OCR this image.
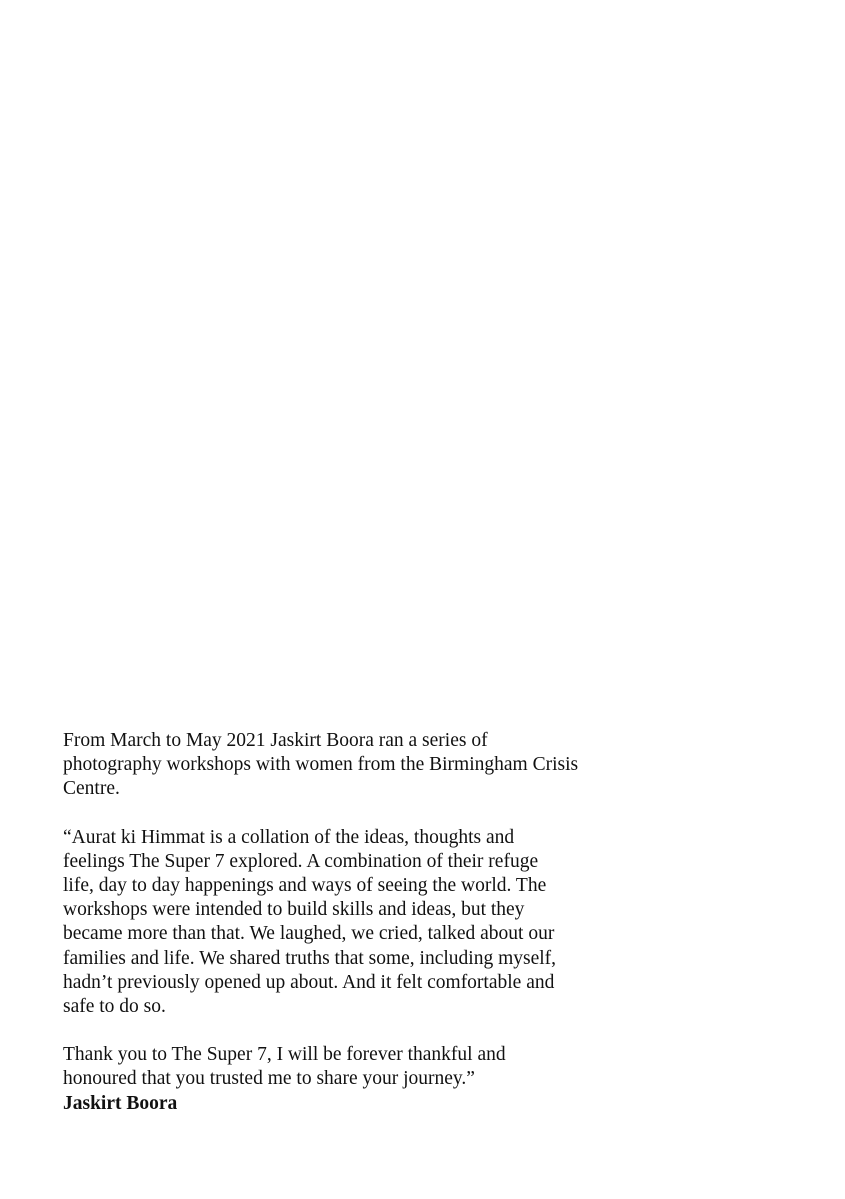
From March to May 2021 Jaskirt Boora ran a series of
photography workshops with women from the Birmingham Crisis
Centre.

“Aurat ki Himmat is a collation of the ideas, thoughts and
feelings The Super 7 explored. A combination of their refuge
life, day to day happenings and ways of seeing the world. The
workshops were intended to build skills and ideas, but they
became more than that. We laughed, we cried, talked about our
families and life. We shared truths that some, including myself,
hadn’t previously opened up about. And it felt comfortable and
safe to do so.

Thank you to The Super 7, I will be forever thankful and
honoured that you trusted me to share your journey.”
Jaskirt Boora
